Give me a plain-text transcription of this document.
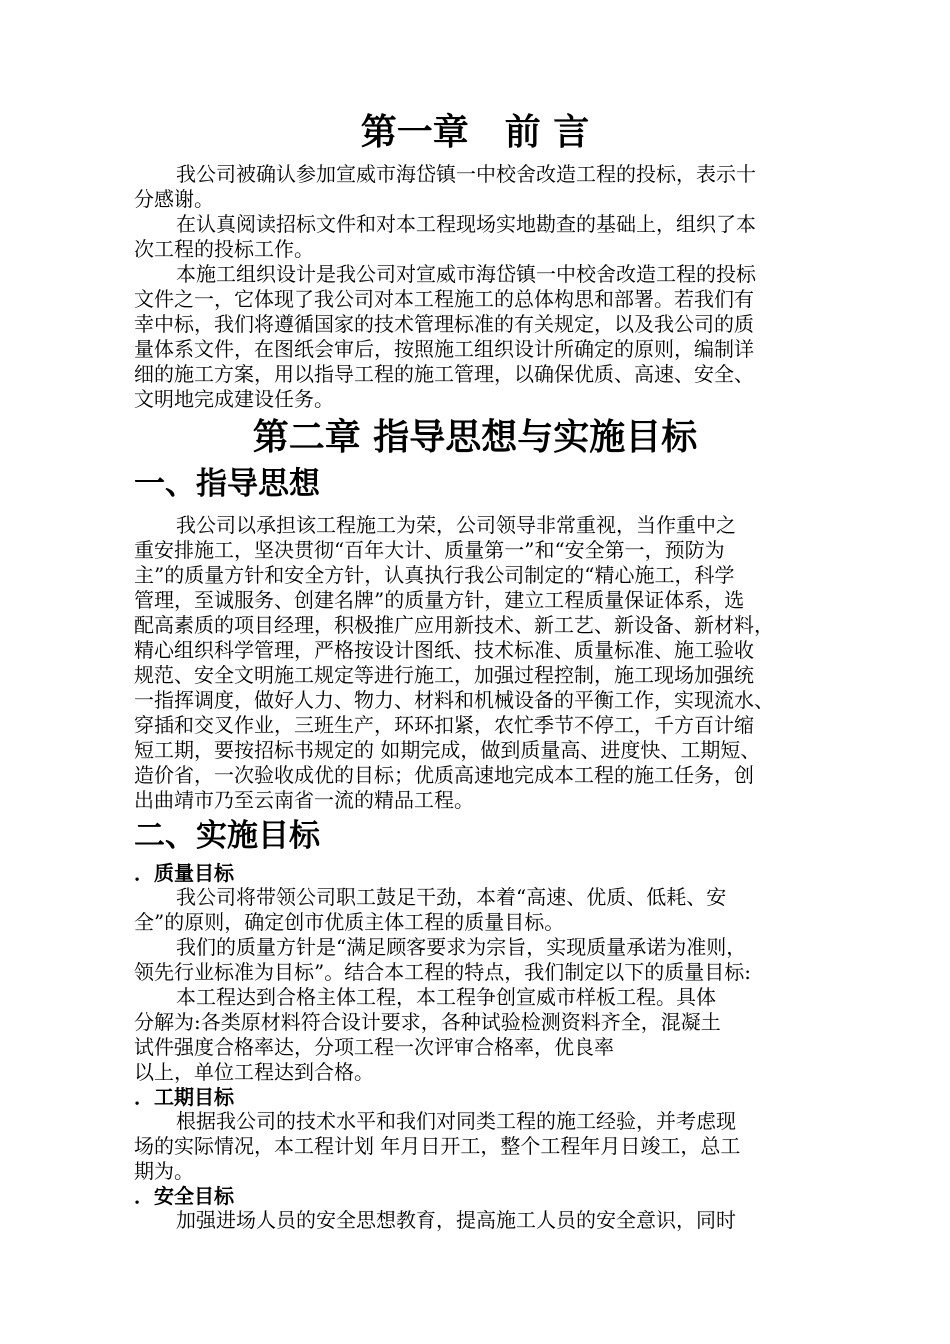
第一章　前 言
我公司被确认参加宣威市海岱镇一中校舍改造工程的投标，表示十
分感谢。
在认真阅读招标文件和对本工程现场实地勘查的基础上，组织了本
次工程的投标工作。
本施工组织设计是我公司对宣威市海岱镇一中校舍改造工程的投标
文件之一，它体现了我公司对本工程施工的总体构思和部署。若我们有
幸中标，我们将遵循国家的技术管理标准的有关规定，以及我公司的质
量体系文件，在图纸会审后，按照施工组织设计所确定的原则，编制详
细的施工方案，用以指导工程的施工管理，以确保优质、高速、安全、
文明地完成建设任务。
第二章 指导思想与实施目标
一、指导思想
我公司以承担该工程施工为荣，公司领导非常重视，当作重中之
重安排施工，坚决贯彻“百年大计、质量第一”和“安全第一，预防为
主”的质量方针和安全方针，认真执行我公司制定的“精心施工，科学
管理，至诚服务、创建名牌”的质量方针，建立工程质量保证体系，选
配高素质的项目经理，积极推广应用新技术、新工艺、新设备、新材料，
精心组织科学管理，严格按设计图纸、技术标准、质量标准、施工验收
规范、安全文明施工规定等进行施工，加强过程控制，施工现场加强统
一指挥调度，做好人力、物力、材料和机械设备的平衡工作，实现流水、
穿插和交叉作业，三班生产，环环扣紧，农忙季节不停工，千方百计缩
短工期，要按招标书规定的 如期完成，做到质量高、进度快、工期短、
造价省，一次验收成优的目标；优质高速地完成本工程的施工任务，创
出曲靖市乃至云南省一流的精品工程。
二、实施目标
．质量目标
我公司将带领公司职工鼓足干劲，本着“高速、优质、低耗、安
全”的原则，确定创市优质主体工程的质量目标。
我们的质量方针是“满足顾客要求为宗旨，实现质量承诺为准则，
领先行业标准为目标”。结合本工程的特点，我们制定以下的质量目标:
本工程达到合格主体工程，本工程争创宣威市样板工程。具体
分解为:各类原材料符合设计要求，各种试验检测资料齐全，混凝土
试件强度合格率达，分项工程一次评审合格率，优良率
以上，单位工程达到合格。
．工期目标
根据我公司的技术水平和我们对同类工程的施工经验，并考虑现
场的实际情况，本工程计划 年月日开工，整个工程年月日竣工，总工
期为。
．安全目标
加强进场人员的安全思想教育，提高施工人员的安全意识，同时
